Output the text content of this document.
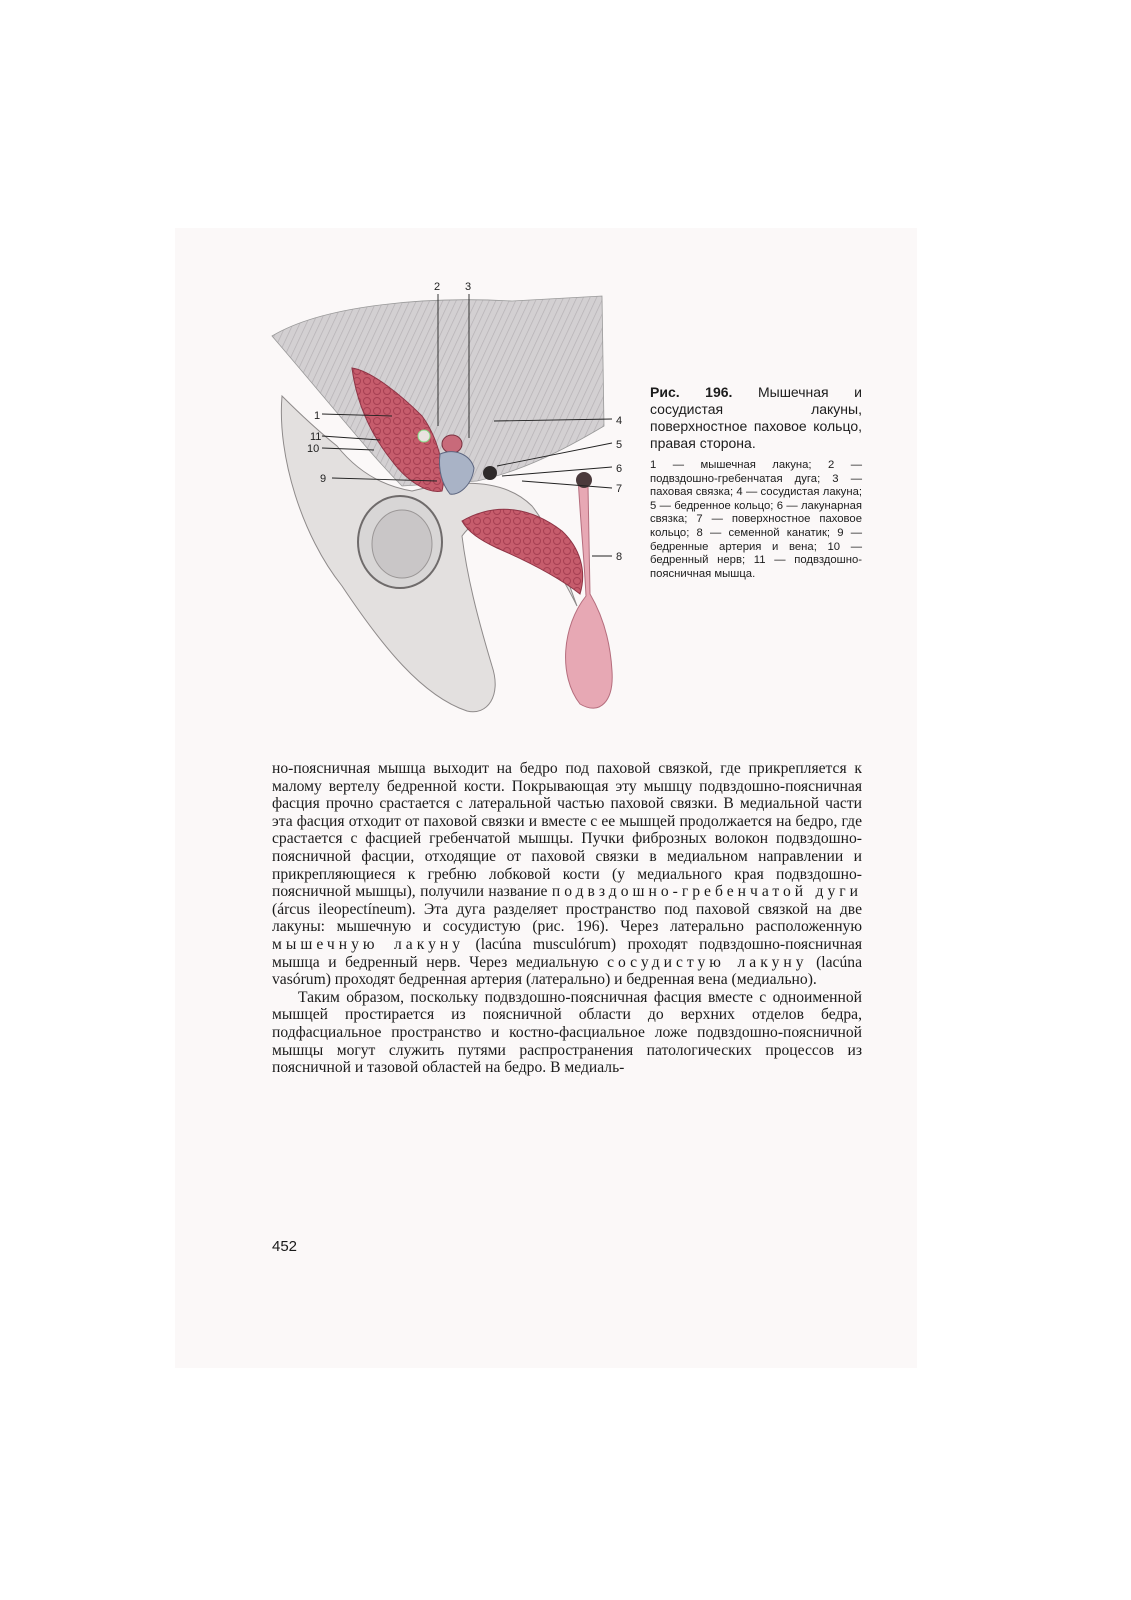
1
2 3
4
5
6
7
8
9
10
11

Рис. 196. Мышечная и сосудистая лакуны, поверхностное паховое кольцо, правая сторона.

1 — мышечная лакуна; 2 — подвздошно-гребенчатая дуга; 3 — паховая связка; 4 — сосудистая лакуна; 5 — бедренное кольцо; 6 — лакунарная связка; 7 — поверхностное паховое кольцо; 8 — семенной канатик; 9 — бедренные артерия и вена; 10 — бедренный нерв; 11 — подвздошно-поясничная мышца.

но-поясничная мышца выходит на бедро под паховой связкой, где прикрепляется к малому вертелу бедренной кости. Покрывающая эту мышцу подвздошно-поясничная фасция прочно срастается с латеральной частью паховой связки. В медиальной части эта фасция отходит от паховой связки и вместе с ее мышцей продолжается на бедро, где срастается с фасцией гребенчатой мышцы. Пучки фиброзных волокон подвздошно-поясничной фасции, отходящие от паховой связки в медиальном направлении и прикрепляющиеся к гребню лобковой кости (у медиального края подвздошно-поясничной мышцы), получили название подвздошно-гребенчатой дуги (árcus ileopectíneum). Эта дуга разделяет пространство под паховой связкой на две лакуны: мышечную и сосудистую (рис. 196). Через латерально расположенную мышечную лакуну (lacúna musculórum) проходят подвздошно-поясничная мышца и бедренный нерв. Через медиальную сосудистую лакуну (lacúna vasórum) проходят бедренная артерия (латерально) и бедренная вена (медиально).

Таким образом, поскольку подвздошно-поясничная фасция вместе с одноименной мышцей простирается из поясничной области до верхних отделов бедра, подфасциальное пространство и костно-фасциальное ложе подвздошно-поясничной мышцы могут служить путями распространения патологических процессов из поясничной и тазовой областей на бедро. В медиаль-

452
